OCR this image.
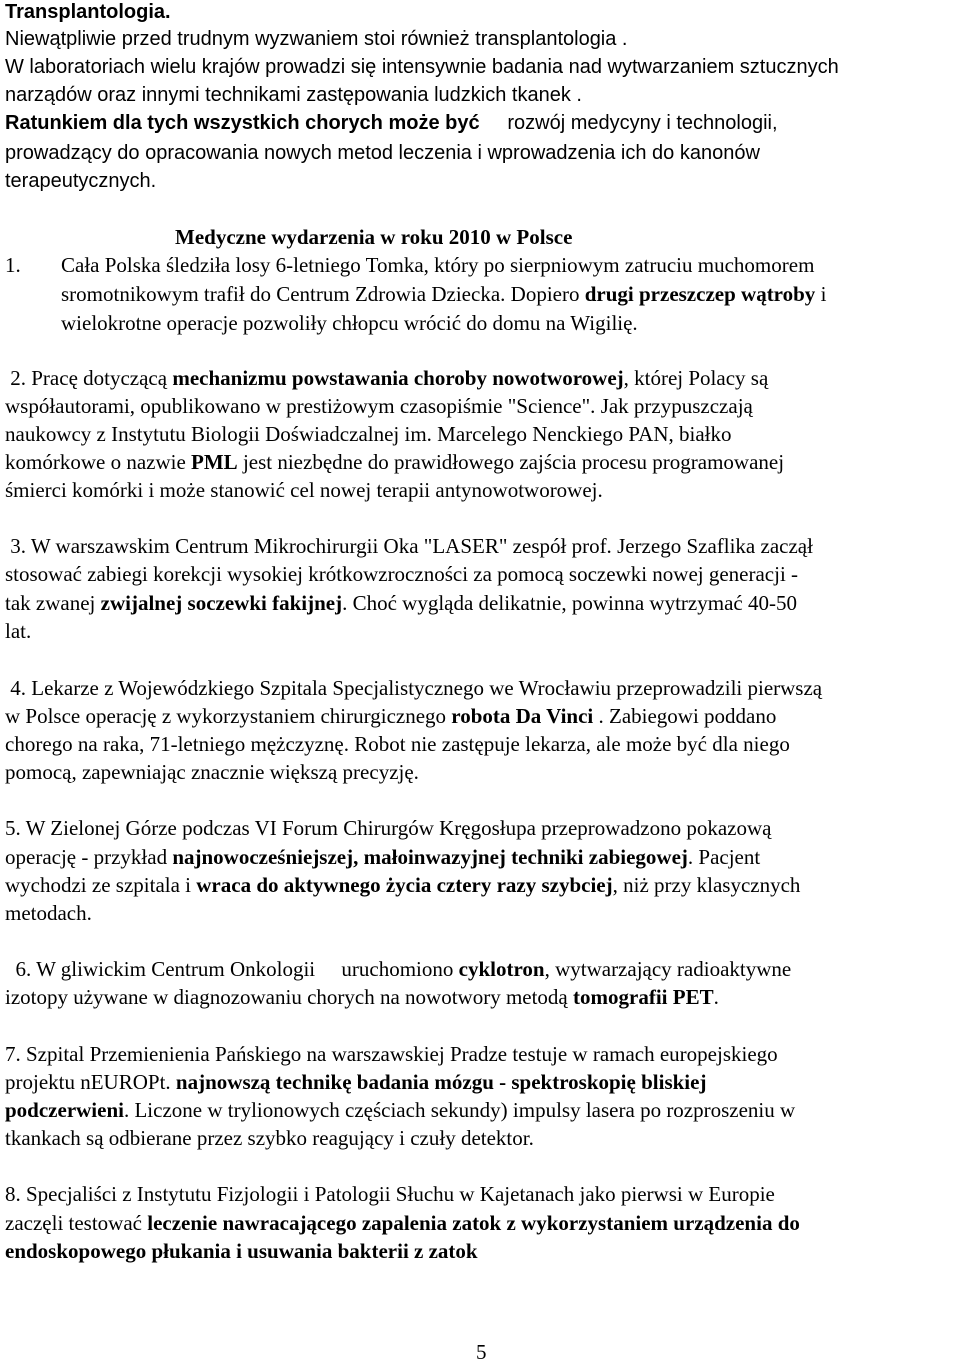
Transplantologia.
Niewątpliwie przed trudnym wyzwaniem stoi również transplantologia .
W laboratoriach wielu krajów prowadzi się intensywnie badania nad wytwarzaniem sztucznych
narządów oraz innymi technikami zastępowania ludzkich tkanek .
Ratunkiem dla tych wszystkich chorych może być     rozwój medycyny i technologii,
prowadzący do opracowania nowych metod leczenia i wprowadzenia ich do kanonów
terapeutycznych.
Medyczne wydarzenia w roku 2010 w Polsce
1. Cała Polska śledziła losy 6-letniego Tomka, który po sierpniowym zatruciu muchomorem
sromotnikowym trafił do Centrum Zdrowia Dziecka. Dopiero drugi przeszczep wątroby i
wielokrotne operacje pozwoliły chłopcu wrócić do domu na Wigilię.
2. Pracę dotyczącą mechanizmu powstawania choroby nowotworowej, której Polacy są
współautorami, opublikowano w prestiżowym czasopiśmie "Science". Jak przypuszczają
naukowcy z Instytutu Biologii Doświadczalnej im. Marcelego Nenckiego PAN, białko
komórkowe o nazwie PML jest niezbędne do prawidłowego zajścia procesu programowanej
śmierci komórki i może stanowić cel nowej terapii antynowotworowej.
3. W warszawskim Centrum Mikrochirurgii Oka "LASER" zespół prof. Jerzego Szaflika zaczął
stosować zabiegi korekcji wysokiej krótkowzroczności za pomocą soczewki nowej generacji -
tak zwanej zwijalnej soczewki fakijnej. Choć wygląda delikatnie, powinna wytrzymać 40-50
lat.
4. Lekarze z Wojewódzkiego Szpitala Specjalistycznego we Wrocławiu przeprowadzili pierwszą
w Polsce operację z wykorzystaniem chirurgicznego robota Da Vinci . Zabiegowi poddano
chorego na raka, 71-letniego mężczyznę. Robot nie zastępuje lekarza, ale może być dla niego
pomocą, zapewniając znacznie większą precyzję.
5. W Zielonej Górze podczas VI Forum Chirurgów Kręgosłupa przeprowadzono pokazową
operację - przykład najnowocześniejszej, małoinwazyjnej techniki zabiegowej. Pacjent
wychodzi ze szpitala i wraca do aktywnego życia cztery razy szybciej, niż przy klasycznych
metodach.
6. W gliwickim Centrum Onkologii     uruchomiono cyklotron, wytwarzający radioaktywne
izotopy używane w diagnozowaniu chorych na nowotwory metodą tomografii PET.
7. Szpital Przemienienia Pańskiego na warszawskiej Pradze testuje w ramach europejskiego
projektu nEUROPt. najnowszą technikę badania mózgu - spektroskopię bliskiej
podczerwieni. Liczone w trylionowych częściach sekundy) impulsy lasera po rozproszeniu w
tkankach są odbierane przez szybko reagujący i czuły detektor.
8. Specjaliści z Instytutu Fizjologii i Patologii Słuchu w Kajetanach jako pierwsi w Europie
zaczęli testować leczenie nawracającego zapalenia zatok z wykorzystaniem urządzenia do
endoskopowego płukania i usuwania bakterii z zatok
5
